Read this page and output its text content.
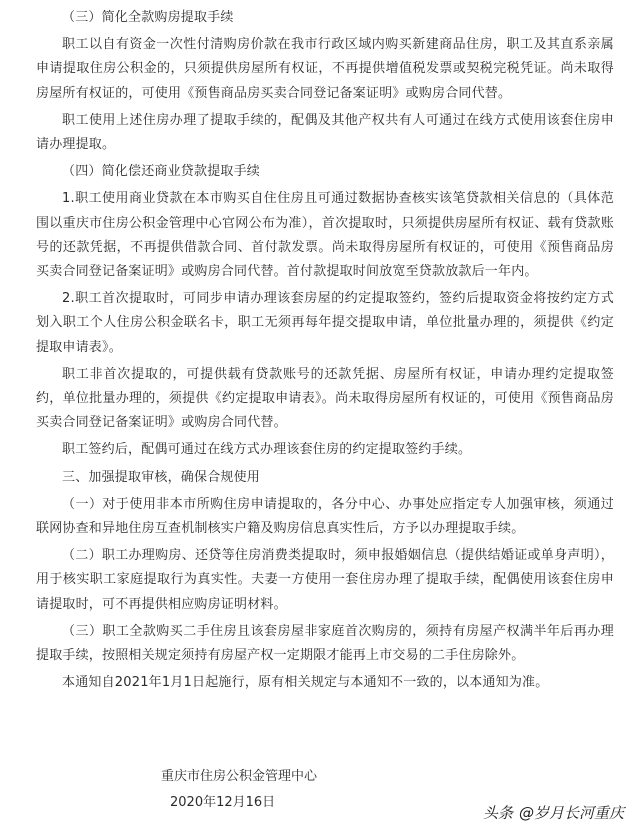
（三）简化全款购房提取手续

职工以自有资金一次性付清购房价款在我市行政区域内购买新建商品住房，职工及其直系亲属申请提取住房公积金的，只须提供房屋所有权证，不再提供增值税发票或契税完税凭证。尚未取得房屋所有权证的，可使用《预售商品房买卖合同登记备案证明》或购房合同代替。

职工使用上述住房办理了提取手续的，配偶及其他产权共有人可通过在线方式使用该套住房申请办理提取。

（四）简化偿还商业贷款提取手续

1.职工使用商业贷款在本市购买自住住房且可通过数据协查核实该笔贷款相关信息的（具体范围以重庆市住房公积金管理中心官网公布为准），首次提取时，只须提供房屋所有权证、载有贷款账号的还款凭据，不再提供借款合同、首付款发票。尚未取得房屋所有权证的，可使用《预售商品房买卖合同登记备案证明》或购房合同代替。首付款提取时间放宽至贷款放款后一年内。

2.职工首次提取时，可同步申请办理该套房屋的约定提取签约，签约后提取资金将按约定方式划入职工个人住房公积金联名卡，职工无须再每年提交提取申请，单位批量办理的，须提供《约定提取申请表》。

职工非首次提取的，可提供载有贷款账号的还款凭据、房屋所有权证，申请办理约定提取签约，单位批量办理的，须提供《约定提取申请表》。尚未取得房屋所有权证的，可使用《预售商品房买卖合同登记备案证明》或购房合同代替。

职工签约后，配偶可通过在线方式办理该套住房的约定提取签约手续。

三、加强提取审核，确保合规使用

（一）对于使用非本市所购住房申请提取的，各分中心、办事处应指定专人加强审核，须通过联网协查和异地住房互查机制核实户籍及购房信息真实性后，方予以办理提取手续。

（二）职工办理购房、还贷等住房消费类提取时，须申报婚姻信息（提供结婚证或单身声明），用于核实职工家庭提取行为真实性。夫妻一方使用一套住房办理了提取手续，配偶使用该套住房申请提取时，可不再提供相应购房证明材料。

（三）职工全款购买二手住房且该套房屋非家庭首次购房的，须持有房屋产权满半年后再办理提取手续，按照相关规定须持有房屋产权一定期限才能再上市交易的二手住房除外。

本通知自2021年1月1日起施行，原有相关规定与本通知不一致的，以本通知为准。

重庆市住房公积金管理中心
2020年12月16日
头条 @岁月长河重庆
